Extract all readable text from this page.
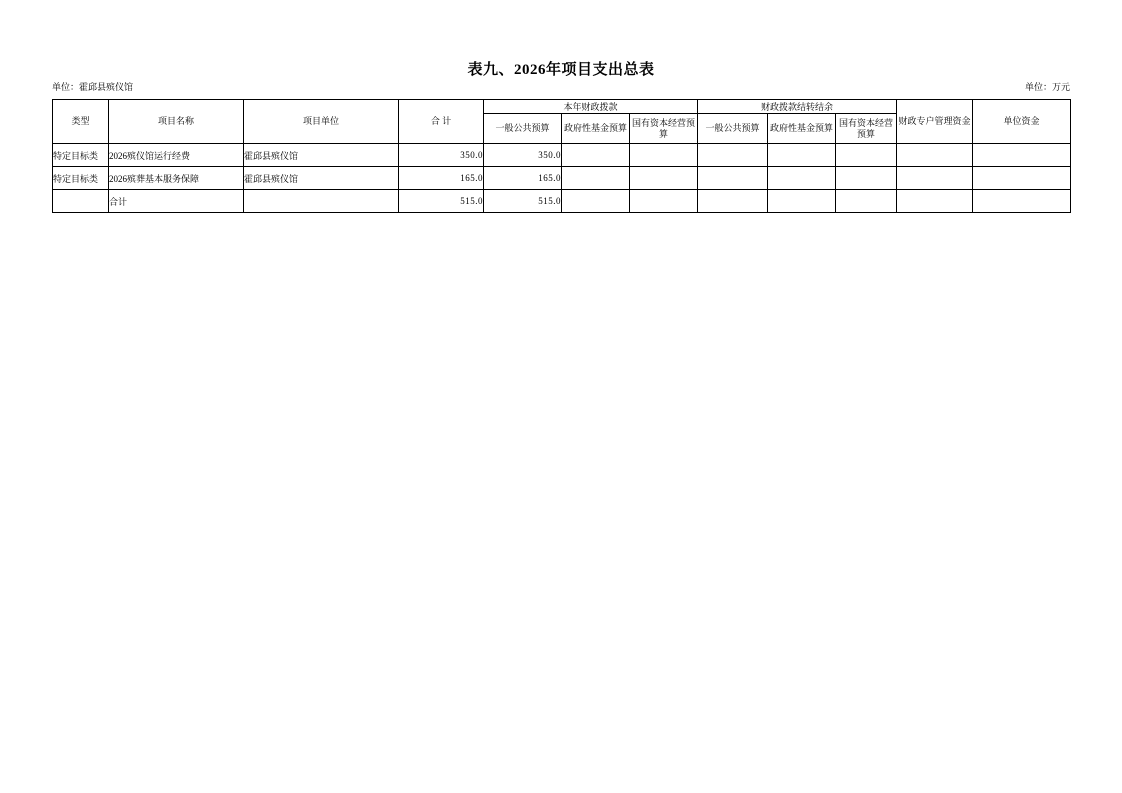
表九、2026年项目支出总表
单位：霍邱县殡仪馆	单位：万元
类型	项目名称	项目单位	合 计	本年财政拨款			财政拨款结转结余			财政专户管理资金	单位资金
				一般公共预算	政府性基金预算	国有资本经营预算	一般公共预算	政府性基金预算	国有资本经营预算		
特定目标类	2026殡仪馆运行经费	霍邱县殡仪馆	350.0	350.0							
特定目标类	2026殡葬基本服务保障	霍邱县殡仪馆	165.0	165.0							
	合计		515.0	515.0							
